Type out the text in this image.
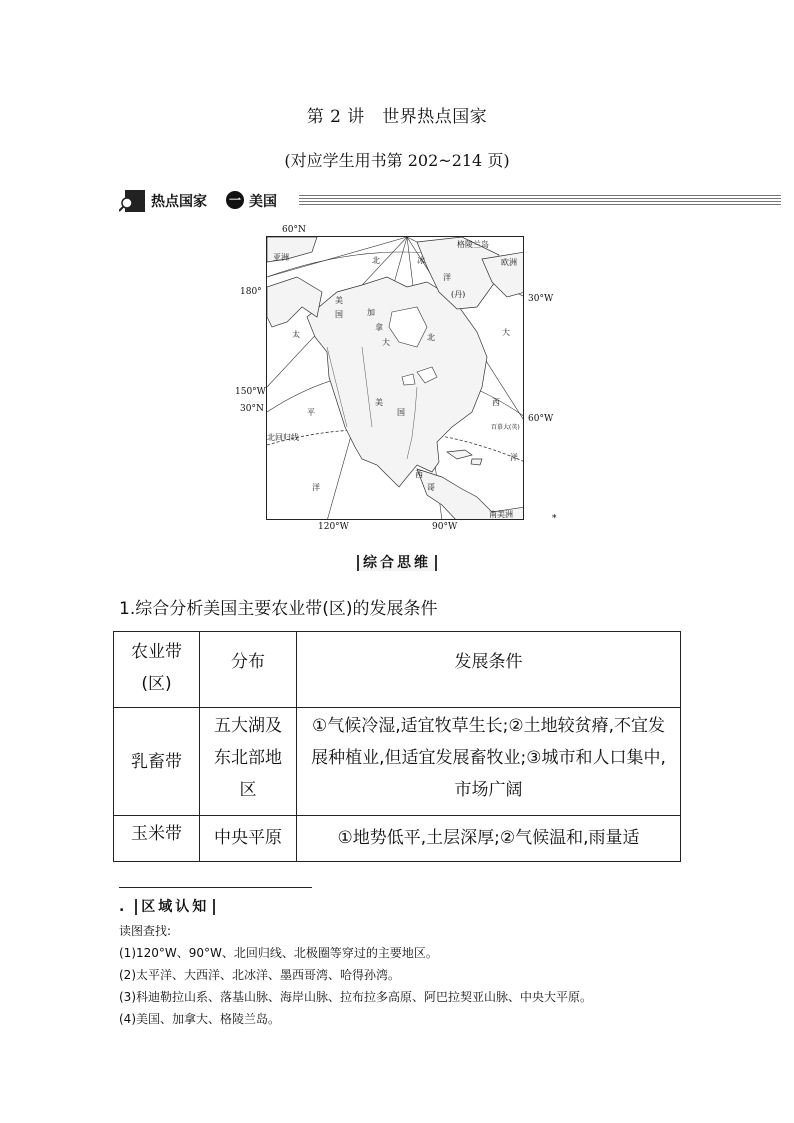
第 2 讲　世界热点国家
(对应学生用书第 202~214 页)
热点国家 一 美国
亚洲	北	冰	欧洲
格陵兰岛
洋
(丹)
太
美
国	加
拿
大
北
平
大
西
洋
美
国
北回归线
西
哥
洋
南美洲
百慕大(英)
60°N
180°
30°W
150°W
30°N
60°W
120°W	90°W
*
综合思维
1.综合分析美国主要农业带(区)的发展条件
农业带(区)	分布	发展条件
乳畜带	五大湖及东北部地区	①气候冷湿,适宜牧草生长;②土地较贫瘠,不宜发展种植业,但适宜发展畜牧业;③城市和人口集中,市场广阔
玉米带	中央平原	①地势低平,土层深厚;②气候温和,雨量适
. 区域认知
读图查找:
(1)120°W、90°W、北回归线、北极圈等穿过的主要地区。
(2)太平洋、大西洋、北冰洋、墨西哥湾、哈得孙湾。
(3)科迪勒拉山系、落基山脉、海岸山脉、拉布拉多高原、阿巴拉契亚山脉、中央大平原。
(4)美国、加拿大、格陵兰岛。
